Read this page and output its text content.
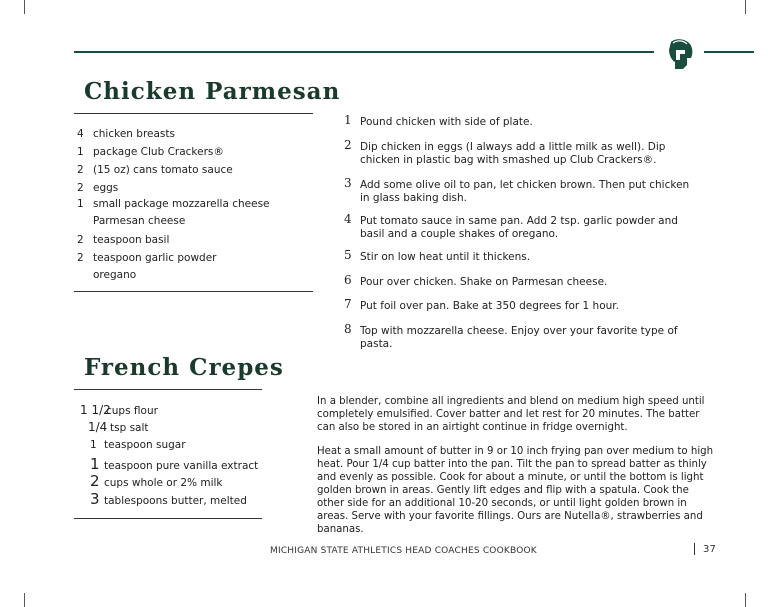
Chicken Parmesan
4 chicken breasts
1 package Club Crackers®
2 (15 oz) cans tomato sauce
2 eggs
1 small package mozzarella cheese
Parmesan cheese
2 teaspoon basil
2 teaspoon garlic powder
oregano
1 Pound chicken with side of plate.
2 Dip chicken in eggs (I always add a little milk as well). Dip chicken in plastic bag with smashed up Club Crackers®.
3 Add some olive oil to pan, let chicken brown. Then put chicken in glass baking dish.
4 Put tomato sauce in same pan. Add 2 tsp. garlic powder and basil and a couple shakes of oregano.
5 Stir on low heat until it thickens.
6 Pour over chicken. Shake on Parmesan cheese.
7 Put foil over pan. Bake at 350 degrees for 1 hour.
8 Top with mozzarella cheese. Enjoy over your favorite type of pasta.
French Crepes
1 1/2cups flour
1/4 tsp salt
1 teaspoon sugar
1 teaspoon pure vanilla extract
2 cups whole or 2% milk
3 tablespoons butter, melted
In a blender, combine all ingredients and blend on medium high speed until completely emulsified. Cover batter and let rest for 20 minutes. The batter can also be stored in an airtight continue in fridge overnight.
Heat a small amount of butter in 9 or 10 inch frying pan over medium to high heat. Pour 1/4 cup batter into the pan. Tilt the pan to spread batter as thinly and evenly as possible. Cook for about a minute, or until the bottom is light golden brown in areas. Gently lift edges and flip with a spatula. Cook the other side for an additional 10-20 seconds, or until light golden brown in areas. Serve with your favorite fillings. Ours are Nutella®, strawberries and bananas.
MICHIGAN STATE ATHLETICS HEAD COACHES COOKBOOK	37
